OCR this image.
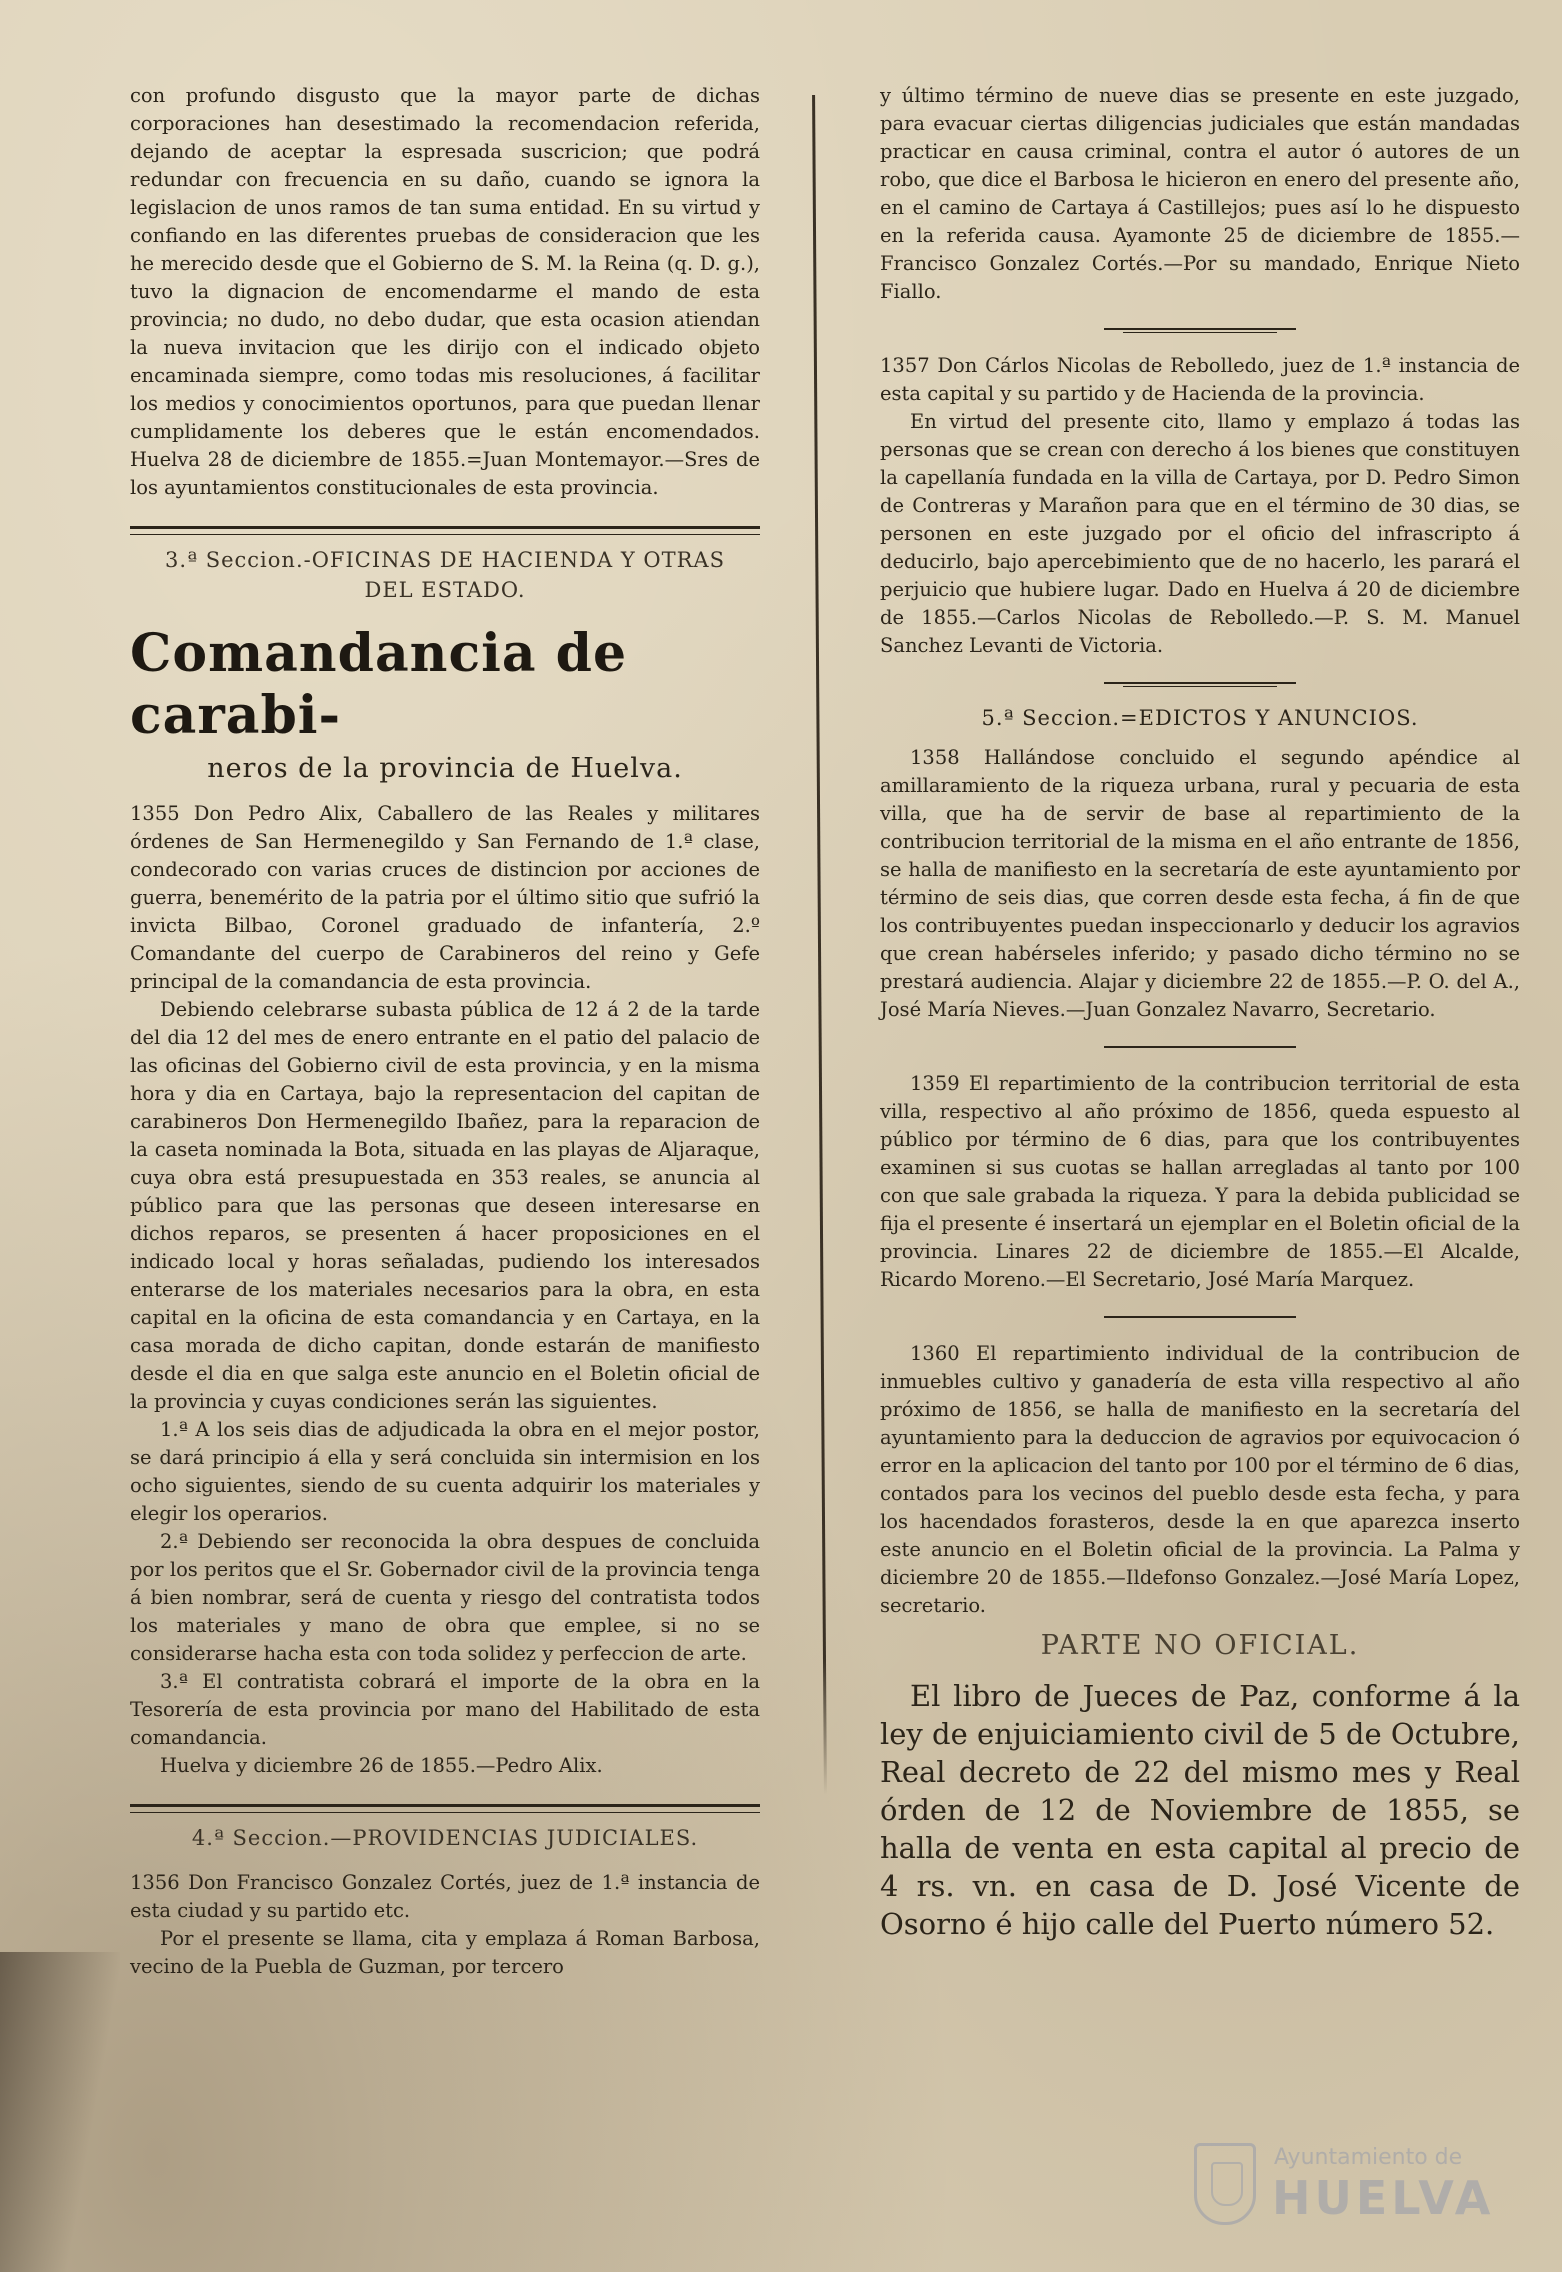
con profundo disgusto que la mayor parte de dichas corporaciones han desestimado la recomendacion referida, dejando de aceptar la espresada suscricion; que podrá redundar con frecuencia en su daño, cuando se ignora la legislacion de unos ramos de tan suma entidad. En su virtud y confiando en las diferentes pruebas de consideracion que les he merecido desde que el Gobierno de S. M. la Reina (q. D. g.), tuvo la dignacion de encomendarme el mando de esta provincia; no dudo, no debo dudar, que esta ocasion atiendan la nueva invitacion que les dirijo con el indicado objeto encaminada siempre, como todas mis resoluciones, á facilitar los medios y conocimientos oportunos, para que puedan llenar cumplidamente los deberes que le están encomendados. Huelva 28 de diciembre de 1855.=Juan Montemayor.—Sres de los ayuntamientos constitucionales de esta provincia.

3.ª Seccion.-OFICINAS DE HACIENDA Y OTRAS
DEL ESTADO.
Comandancia de carabi-
neros de la provincia de Huelva.

1355 Don Pedro Alix, Caballero de las Reales y militares órdenes de San Hermenegildo y San Fernando de 1.ª clase, condecorado con varias cruces de distincion por acciones de guerra, benemérito de la patria por el último sitio que sufrió la invicta Bilbao, Coronel graduado de infantería, 2.º Comandante del cuerpo de Carabineros del reino y Gefe principal de la comandancia de esta provincia.

Debiendo celebrarse subasta pública de 12 á 2 de la tarde del dia 12 del mes de enero entrante en el patio del palacio de las oficinas del Gobierno civil de esta provincia, y en la misma hora y dia en Cartaya, bajo la representacion del capitan de carabineros Don Hermenegildo Ibañez, para la reparacion de la caseta nominada la Bota, situada en las playas de Aljaraque, cuya obra está presupuestada en 353 reales, se anuncia al público para que las personas que deseen interesarse en dichos reparos, se presenten á hacer proposiciones en el indicado local y horas señaladas, pudiendo los interesados enterarse de los materiales necesarios para la obra, en esta capital en la oficina de esta comandancia y en Cartaya, en la casa morada de dicho capitan, donde estarán de manifiesto desde el dia en que salga este anuncio en el Boletin oficial de la provincia y cuyas condiciones serán las siguientes.

1.ª A los seis dias de adjudicada la obra en el mejor postor, se dará principio á ella y será concluida sin intermision en los ocho siguientes, siendo de su cuenta adquirir los materiales y elegir los operarios.

2.ª Debiendo ser reconocida la obra despues de concluida por los peritos que el Sr. Gobernador civil de la provincia tenga á bien nombrar, será de cuenta y riesgo del contratista todos los materiales y mano de obra que emplee, si no se considerarse hacha esta con toda solidez y perfeccion de arte.

3.ª El contratista cobrará el importe de la obra en la Tesorería de esta provincia por mano del Habilitado de esta comandancia.

Huelva y diciembre 26 de 1855.—Pedro Alix.

4.ª Seccion.—PROVIDENCIAS JUDICIALES.

1356 Don Francisco Gonzalez Cortés, juez de 1.ª instancia de esta ciudad y su partido etc.

Por el presente se llama, cita y emplaza á Roman Barbosa, vecino de la Puebla de Guzman, por tercero

y último término de nueve dias se presente en este juzgado, para evacuar ciertas diligencias judiciales que están mandadas practicar en causa criminal, contra el autor ó autores de un robo, que dice el Barbosa le hicieron en enero del presente año, en el camino de Cartaya á Castillejos; pues así lo he dispuesto en la referida causa. Ayamonte 25 de diciembre de 1855.—Francisco Gonzalez Cortés.—Por su mandado, Enrique Nieto Fiallo.

1357 Don Cárlos Nicolas de Rebolledo, juez de 1.ª instancia de esta capital y su partido y de Hacienda de la provincia.

En virtud del presente cito, llamo y emplazo á todas las personas que se crean con derecho á los bienes que constituyen la capellanía fundada en la villa de Cartaya, por D. Pedro Simon de Contreras y Marañon para que en el término de 30 dias, se personen en este juzgado por el oficio del infrascripto á deducirlo, bajo apercebimiento que de no hacerlo, les parará el perjuicio que hubiere lugar. Dado en Huelva á 20 de diciembre de 1855.—Carlos Nicolas de Rebolledo.—P. S. M. Manuel Sanchez Levanti de Victoria.

5.ª Seccion.=EDICTOS Y ANUNCIOS.

1358 Hallándose concluido el segundo apéndice al amillaramiento de la riqueza urbana, rural y pecuaria de esta villa, que ha de servir de base al repartimiento de la contribucion territorial de la misma en el año entrante de 1856, se halla de manifiesto en la secretaría de este ayuntamiento por término de seis dias, que corren desde esta fecha, á fin de que los contribuyentes puedan inspeccionarlo y deducir los agravios que crean habérseles inferido; y pasado dicho término no se prestará audiencia. Alajar y diciembre 22 de 1855.—P. O. del A., José María Nieves.—Juan Gonzalez Navarro, Secretario.

1359 El repartimiento de la contribucion territorial de esta villa, respectivo al año próximo de 1856, queda espuesto al público por término de 6 dias, para que los contribuyentes examinen si sus cuotas se hallan arregladas al tanto por 100 con que sale grabada la riqueza. Y para la debida publicidad se fija el presente é insertará un ejemplar en el Boletin oficial de la provincia. Linares 22 de diciembre de 1855.—El Alcalde, Ricardo Moreno.—El Secretario, José María Marquez.

1360 El repartimiento individual de la contribucion de inmuebles cultivo y ganadería de esta villa respectivo al año próximo de 1856, se halla de manifiesto en la secretaría del ayuntamiento para la deduccion de agravios por equivocacion ó error en la aplicacion del tanto por 100 por el término de 6 dias, contados para los vecinos del pueblo desde esta fecha, y para los hacendados forasteros, desde la en que aparezca inserto este anuncio en el Boletin oficial de la provincia. La Palma y diciembre 20 de 1855.—Ildefonso Gonzalez.—José María Lopez, secretario.

PARTE NO OFICIAL.

El libro de Jueces de Paz, conforme á la ley de enjuiciamiento civil de 5 de Octubre, Real decreto de 22 del mismo mes y Real órden de 12 de Noviembre de 1855, se halla de venta en esta capital al precio de 4 rs. vn. en casa de D. José Vicente de Osorno é hijo calle del Puerto número 52.

Ayuntamiento de
HUELVA
